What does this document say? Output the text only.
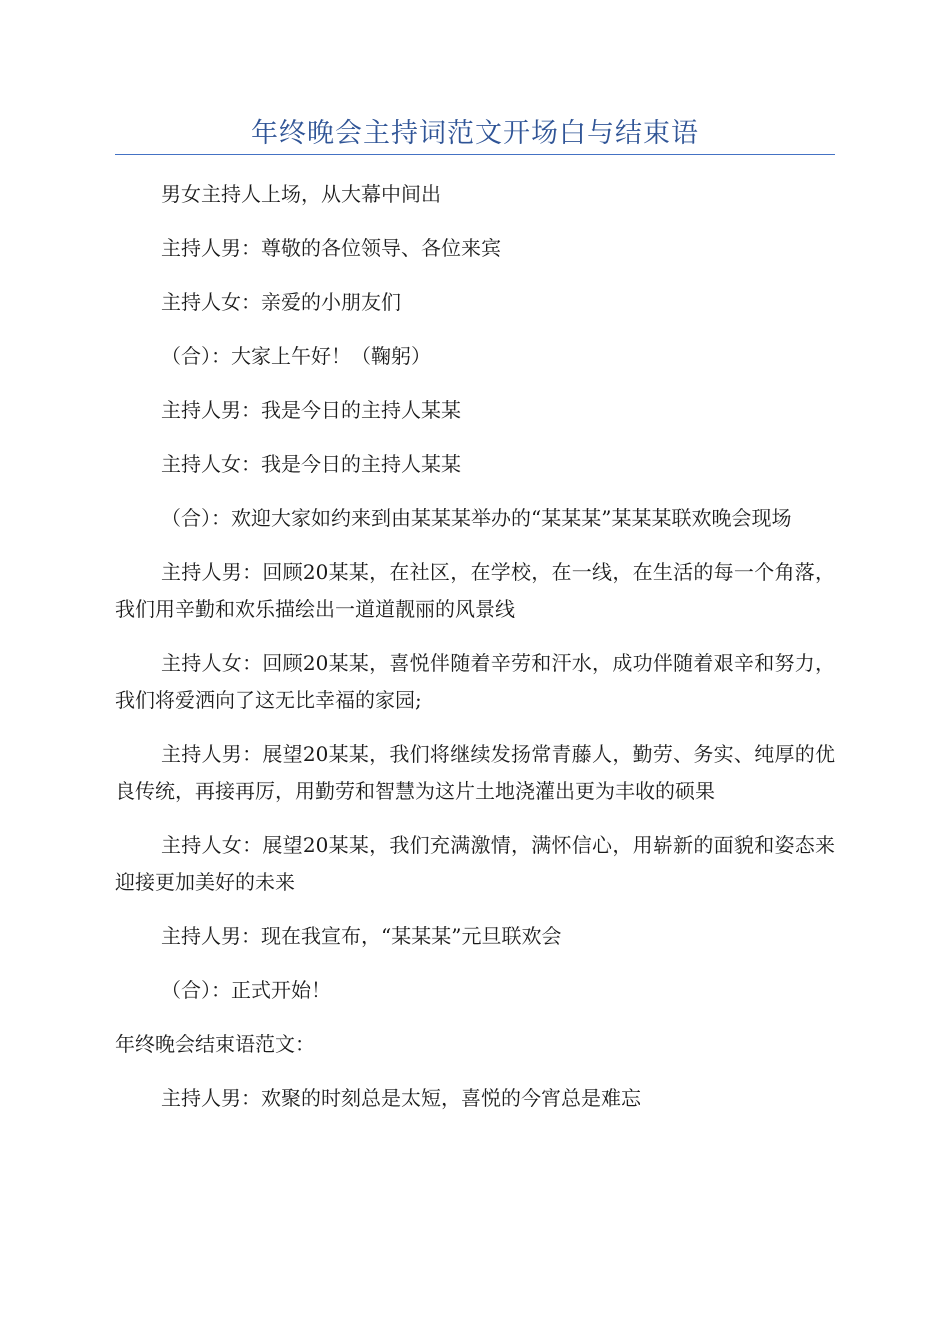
年终晚会主持词范文开场白与结束语

男女主持人上场，从大幕中间出

主持人男：尊敬的各位领导、各位来宾

主持人女：亲爱的小朋友们

（合）：大家上午好！（鞠躬）

主持人男：我是今日的主持人某某

主持人女：我是今日的主持人某某

（合）：欢迎大家如约来到由某某某举办的“某某某”某某某联欢晚会现场

主持人男：回顾20某某，在社区，在学校，在一线，在生活的每一个角落，我们用辛勤和欢乐描绘出一道道靓丽的风景线

主持人女：回顾20某某，喜悦伴随着辛劳和汗水，成功伴随着艰辛和努力，我们将爱洒向了这无比幸福的家园;

主持人男：展望20某某，我们将继续发扬常青藤人，勤劳、务实、纯厚的优良传统，再接再厉，用勤劳和智慧为这片土地浇灌出更为丰收的硕果

主持人女：展望20某某，我们充满激情，满怀信心，用崭新的面貌和姿态来迎接更加美好的未来

主持人男：现在我宣布，“某某某”元旦联欢会

（合）：正式开始！

年终晚会结束语范文：

主持人男：欢聚的时刻总是太短，喜悦的今宵总是难忘
